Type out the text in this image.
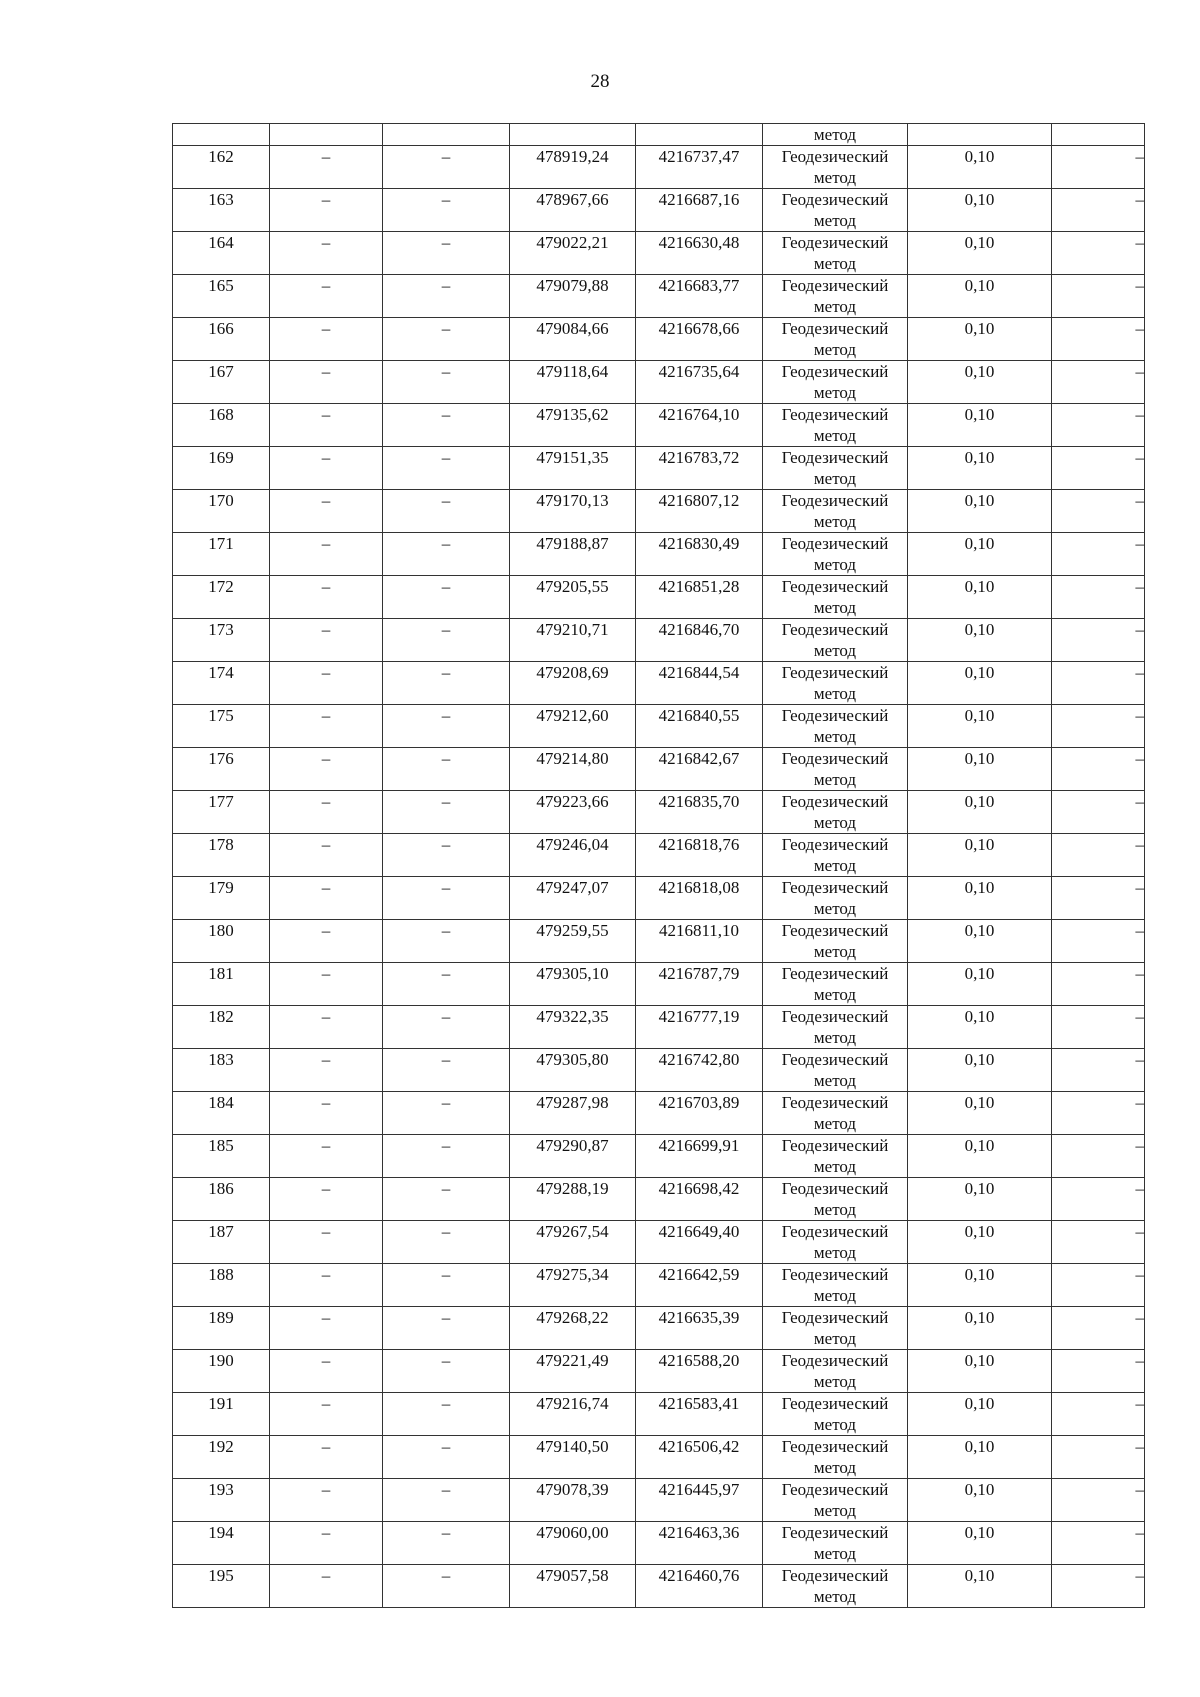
28
					метод		
162	–	–	478919,24	4216737,47	Геодезический метод	0,10	–
163	–	–	478967,66	4216687,16	Геодезический метод	0,10	–
164	–	–	479022,21	4216630,48	Геодезический метод	0,10	–
165	–	–	479079,88	4216683,77	Геодезический метод	0,10	–
166	–	–	479084,66	4216678,66	Геодезический метод	0,10	–
167	–	–	479118,64	4216735,64	Геодезический метод	0,10	–
168	–	–	479135,62	4216764,10	Геодезический метод	0,10	–
169	–	–	479151,35	4216783,72	Геодезический метод	0,10	–
170	–	–	479170,13	4216807,12	Геодезический метод	0,10	–
171	–	–	479188,87	4216830,49	Геодезический метод	0,10	–
172	–	–	479205,55	4216851,28	Геодезический метод	0,10	–
173	–	–	479210,71	4216846,70	Геодезический метод	0,10	–
174	–	–	479208,69	4216844,54	Геодезический метод	0,10	–
175	–	–	479212,60	4216840,55	Геодезический метод	0,10	–
176	–	–	479214,80	4216842,67	Геодезический метод	0,10	–
177	–	–	479223,66	4216835,70	Геодезический метод	0,10	–
178	–	–	479246,04	4216818,76	Геодезический метод	0,10	–
179	–	–	479247,07	4216818,08	Геодезический метод	0,10	–
180	–	–	479259,55	4216811,10	Геодезический метод	0,10	–
181	–	–	479305,10	4216787,79	Геодезический метод	0,10	–
182	–	–	479322,35	4216777,19	Геодезический метод	0,10	–
183	–	–	479305,80	4216742,80	Геодезический метод	0,10	–
184	–	–	479287,98	4216703,89	Геодезический метод	0,10	–
185	–	–	479290,87	4216699,91	Геодезический метод	0,10	–
186	–	–	479288,19	4216698,42	Геодезический метод	0,10	–
187	–	–	479267,54	4216649,40	Геодезический метод	0,10	–
188	–	–	479275,34	4216642,59	Геодезический метод	0,10	–
189	–	–	479268,22	4216635,39	Геодезический метод	0,10	–
190	–	–	479221,49	4216588,20	Геодезический метод	0,10	–
191	–	–	479216,74	4216583,41	Геодезический метод	0,10	–
192	–	–	479140,50	4216506,42	Геодезический метод	0,10	–
193	–	–	479078,39	4216445,97	Геодезический метод	0,10	–
194	–	–	479060,00	4216463,36	Геодезический метод	0,10	–
195	–	–	479057,58	4216460,76	Геодезический метод	0,10	–
